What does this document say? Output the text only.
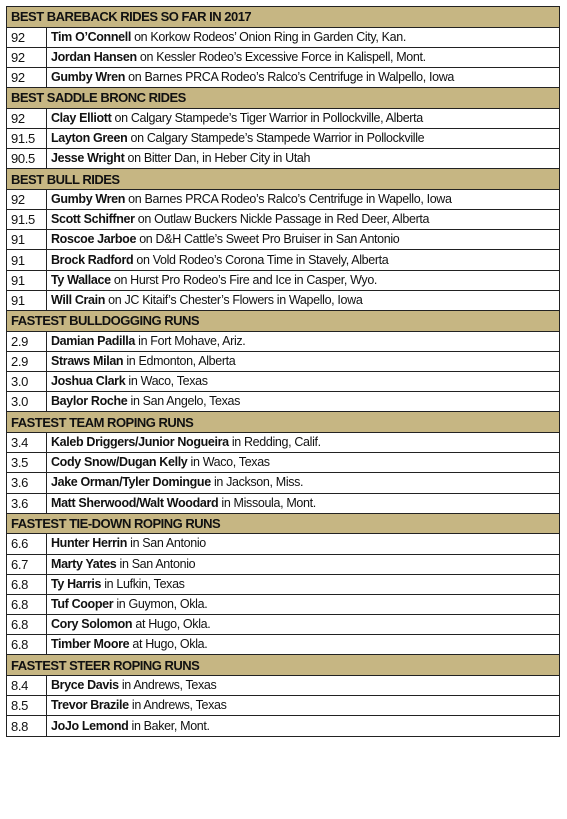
BEST BAREBACK RIDES SO FAR IN 2017	
92	Tim O’Connell on Korkow Rodeos’ Onion Ring in Garden City, Kan.
92	Jordan Hansen on Kessler Rodeo’s Excessive Force in Kalispell, Mont.
92	Gumby Wren on Barnes PRCA Rodeo’s Ralco’s Centrifuge in Walpello, Iowa
BEST SADDLE BRONC RIDES	
92	Clay Elliott on Calgary Stampede’s Tiger Warrior in Pollockville, Alberta
91.5	Layton Green on Calgary Stampede’s Stampede Warrior in Pollockville
90.5	Jesse Wright on Bitter Dan, in Heber City in Utah
BEST BULL RIDES	
92	Gumby Wren on Barnes PRCA Rodeo’s Ralco’s Centrifuge in Wapello, Iowa
91.5	Scott Schiffner on Outlaw Buckers Nickle Passage in Red Deer, Alberta
91	Roscoe Jarboe on D&H Cattle’s Sweet Pro Bruiser in San Antonio
91	Brock Radford on Vold Rodeo’s Corona Time in Stavely, Alberta
91	Ty Wallace on Hurst Pro Rodeo’s Fire and Ice in Casper, Wyo.
91	Will Crain on JC Kitaif’s Chester’s Flowers in Wapello, Iowa
FASTEST BULLDOGGING RUNS	
2.9	Damian Padilla in Fort Mohave, Ariz.
2.9	Straws Milan in Edmonton, Alberta
3.0	Joshua Clark in Waco, Texas
3.0	Baylor Roche in San Angelo, Texas
FASTEST TEAM ROPING RUNS	
3.4	Kaleb Driggers/Junior Nogueira in Redding, Calif.
3.5	Cody Snow/Dugan Kelly in Waco, Texas
3.6	Jake Orman/Tyler Domingue in Jackson, Miss.
3.6	Matt Sherwood/Walt Woodard in Missoula, Mont.
FASTEST TIE-DOWN ROPING RUNS	
6.6	Hunter Herrin in San Antonio
6.7	Marty Yates in San Antonio
6.8	Ty Harris in Lufkin, Texas
6.8	Tuf Cooper in Guymon, Okla.
6.8	Cory Solomon at Hugo, Okla.
6.8	Timber Moore at Hugo, Okla.
FASTEST STEER ROPING RUNS	
8.4	Bryce Davis in Andrews, Texas
8.5	Trevor Brazile in Andrews, Texas
8.8	JoJo Lemond in Baker, Mont.
